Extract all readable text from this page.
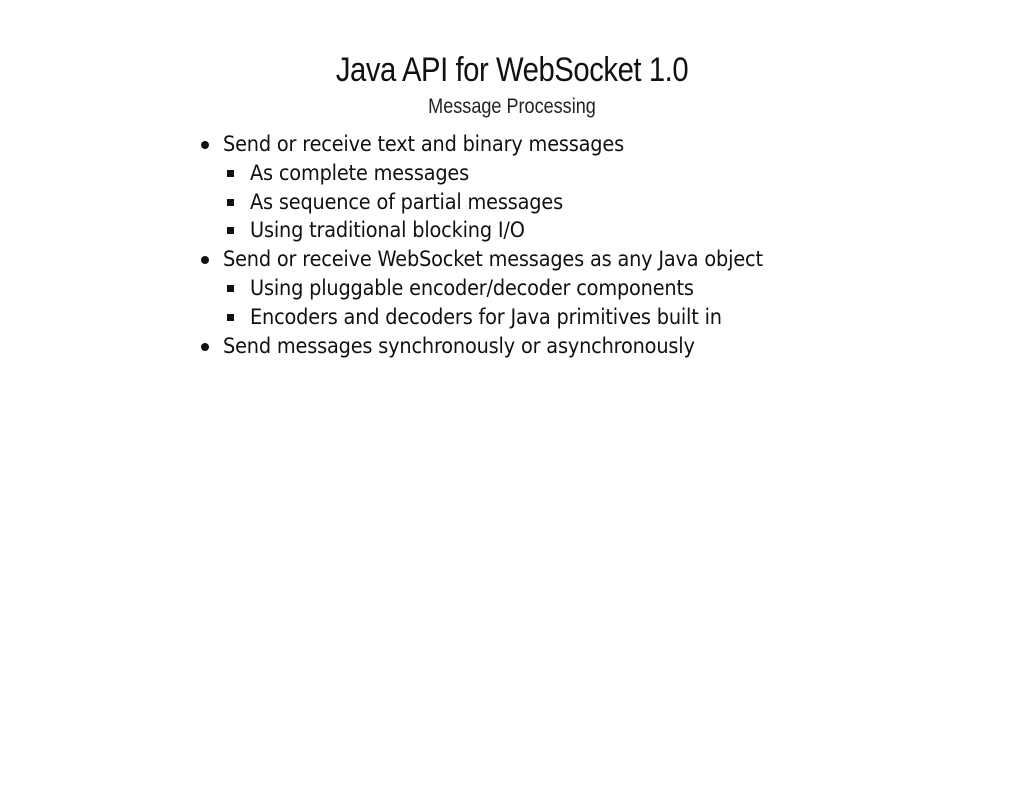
Java API for WebSocket 1.0
Message Processing
Send or receive text and binary messages
As complete messages
As sequence of partial messages
Using traditional blocking I/O
Send or receive WebSocket messages as any Java object
Using pluggable encoder/decoder components
Encoders and decoders for Java primitives built in
Send messages synchronously or asynchronously
